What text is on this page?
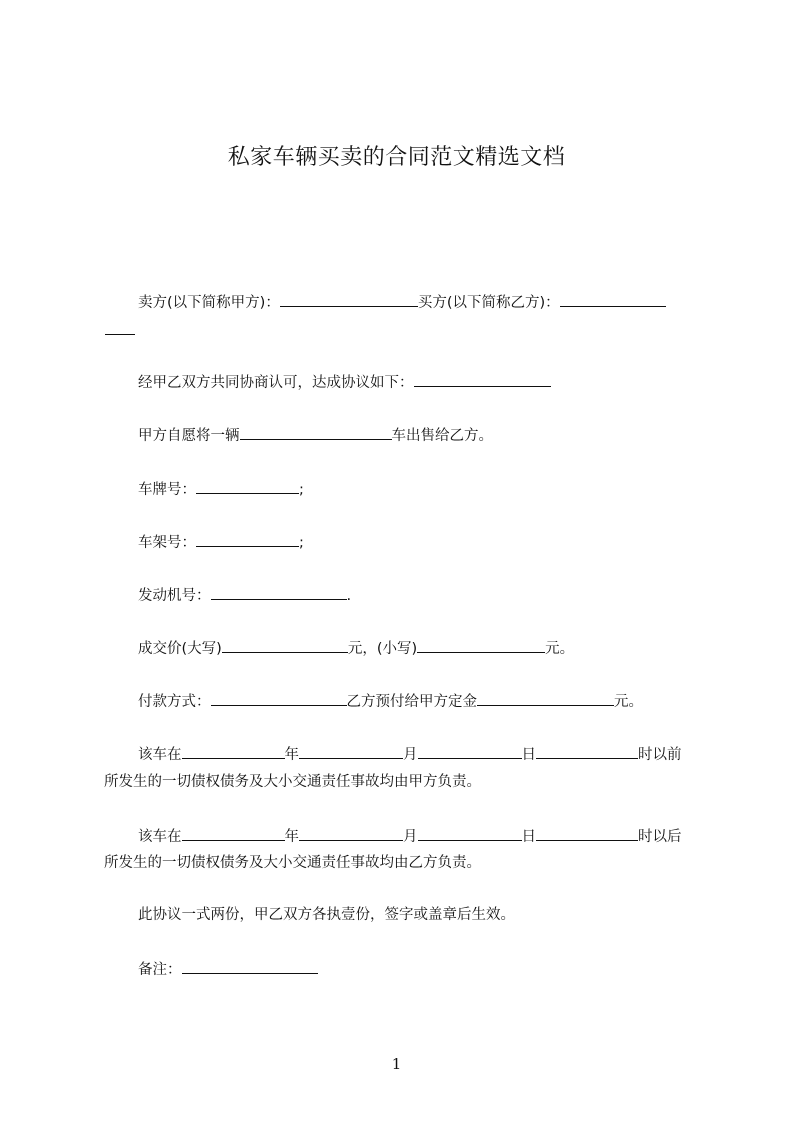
私家车辆买卖的合同范文精选文档
卖方(以下简称甲方)：	买方(以下简称乙方)：
经甲乙双方共同协商认可，达成协议如下：
甲方自愿将一辆	车出售给乙方。
车牌号：	;
车架号：	;
发动机号：	.
成交价(大写)	元，(小写)	元。
付款方式：	乙方预付给甲方定金	元。
该车在	年	月	日	时以前
所发生的一切债权债务及大小交通责任事故均由甲方负责。
该车在	年	月	日	时以后
所发生的一切债权债务及大小交通责任事故均由乙方负责。
此协议一式两份，甲乙双方各执壹份，签字或盖章后生效。
备注：
1
